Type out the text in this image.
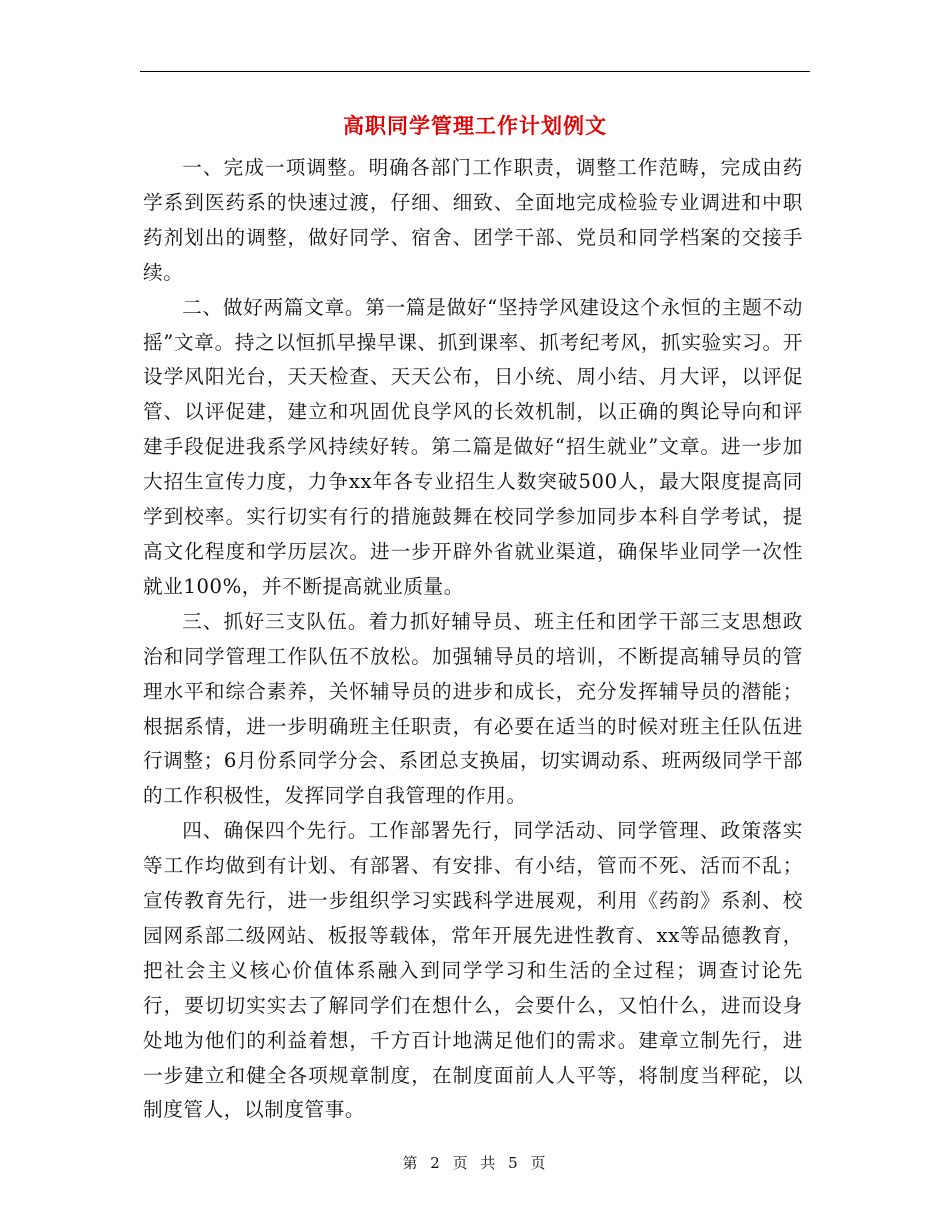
高职同学管理工作计划例文

一、完成一项调整。明确各部门工作职责，调整工作范畴，完成由药学系到医药系的快速过渡，仔细、细致、全面地完成检验专业调进和中职药剂划出的调整，做好同学、宿舍、团学干部、党员和同学档案的交接手续。

二、做好两篇文章。第一篇是做好“坚持学风建设这个永恒的主题不动摇”文章。持之以恒抓早操早课、抓到课率、抓考纪考风，抓实验实习。开设学风阳光台，天天检查、天天公布，日小统、周小结、月大评，以评促管、以评促建，建立和巩固优良学风的长效机制，以正确的舆论导向和评建手段促进我系学风持续好转。第二篇是做好“招生就业”文章。进一步加大招生宣传力度，力争xx年各专业招生人数突破500人，最大限度提高同学到校率。实行切实有行的措施鼓舞在校同学参加同步本科自学考试，提高文化程度和学历层次。进一步开辟外省就业渠道，确保毕业同学一次性就业100%，并不断提高就业质量。

三、抓好三支队伍。着力抓好辅导员、班主任和团学干部三支思想政治和同学管理工作队伍不放松。加强辅导员的培训，不断提高辅导员的管理水平和综合素养，关怀辅导员的进步和成长，充分发挥辅导员的潜能；根据系情，进一步明确班主任职责，有必要在适当的时候对班主任队伍进行调整；6月份系同学分会、系团总支换届，切实调动系、班两级同学干部的工作积极性，发挥同学自我管理的作用。

四、确保四个先行。工作部署先行，同学活动、同学管理、政策落实等工作均做到有计划、有部署、有安排、有小结，管而不死、活而不乱；宣传教育先行，进一步组织学习实践科学进展观，利用《药韵》系刹、校园网系部二级网站、板报等载体，常年开展先进性教育、xx等品德教育，把社会主义核心价值体系融入到同学学习和生活的全过程；调查讨论先行，要切切实实去了解同学们在想什么，会要什么，又怕什么，进而设身处地为他们的利益着想，千方百计地满足他们的需求。建章立制先行，进一步建立和健全各项规章制度，在制度面前人人平等，将制度当秤砣，以制度管人，以制度管事。

第 2 页 共 5 页
